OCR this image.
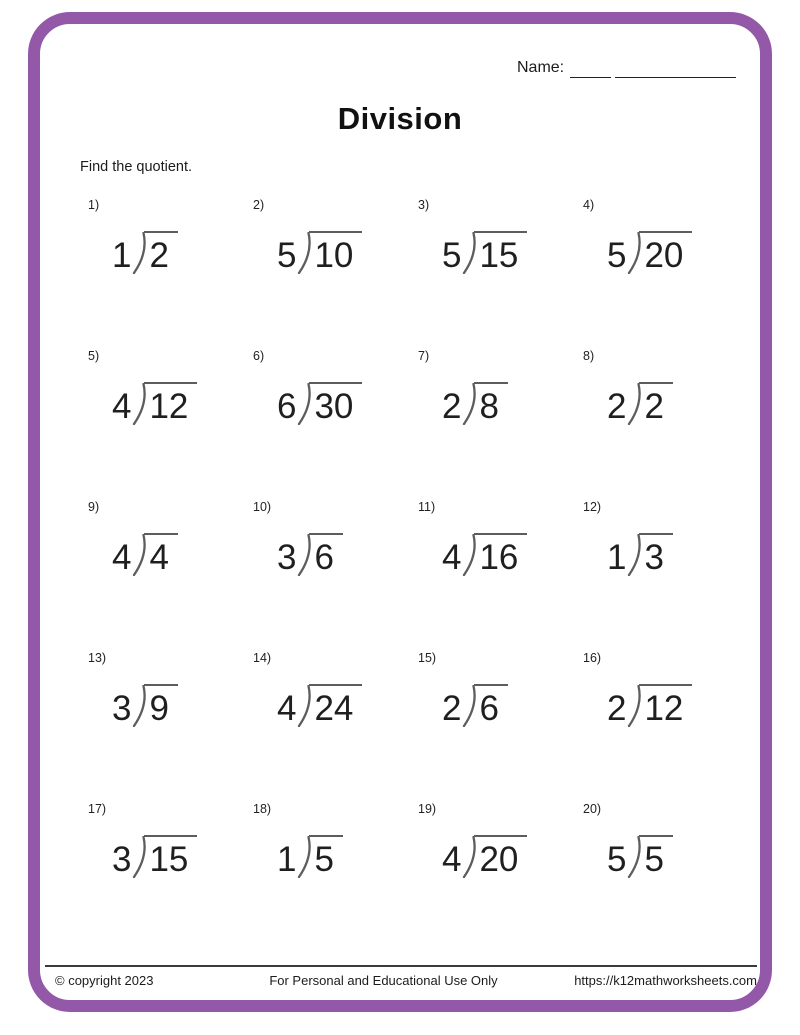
Name:
Division
Find the quotient.
1)
1 2
2)
5 10
3)
5 15
4)
5 20
5)
4 12
6)
6 30
7)
2 8
8)
2 2
9)
4 4
10)
3 6
11)
4 16
12)
1 3
13)
3 9
14)
4 24
15)
2 6
16)
2 12
17)
3 15
18)
1 5
19)
4 20
20)
5 5
© copyright 2023	For Personal and Educational Use Only	https://k12mathworksheets.com
